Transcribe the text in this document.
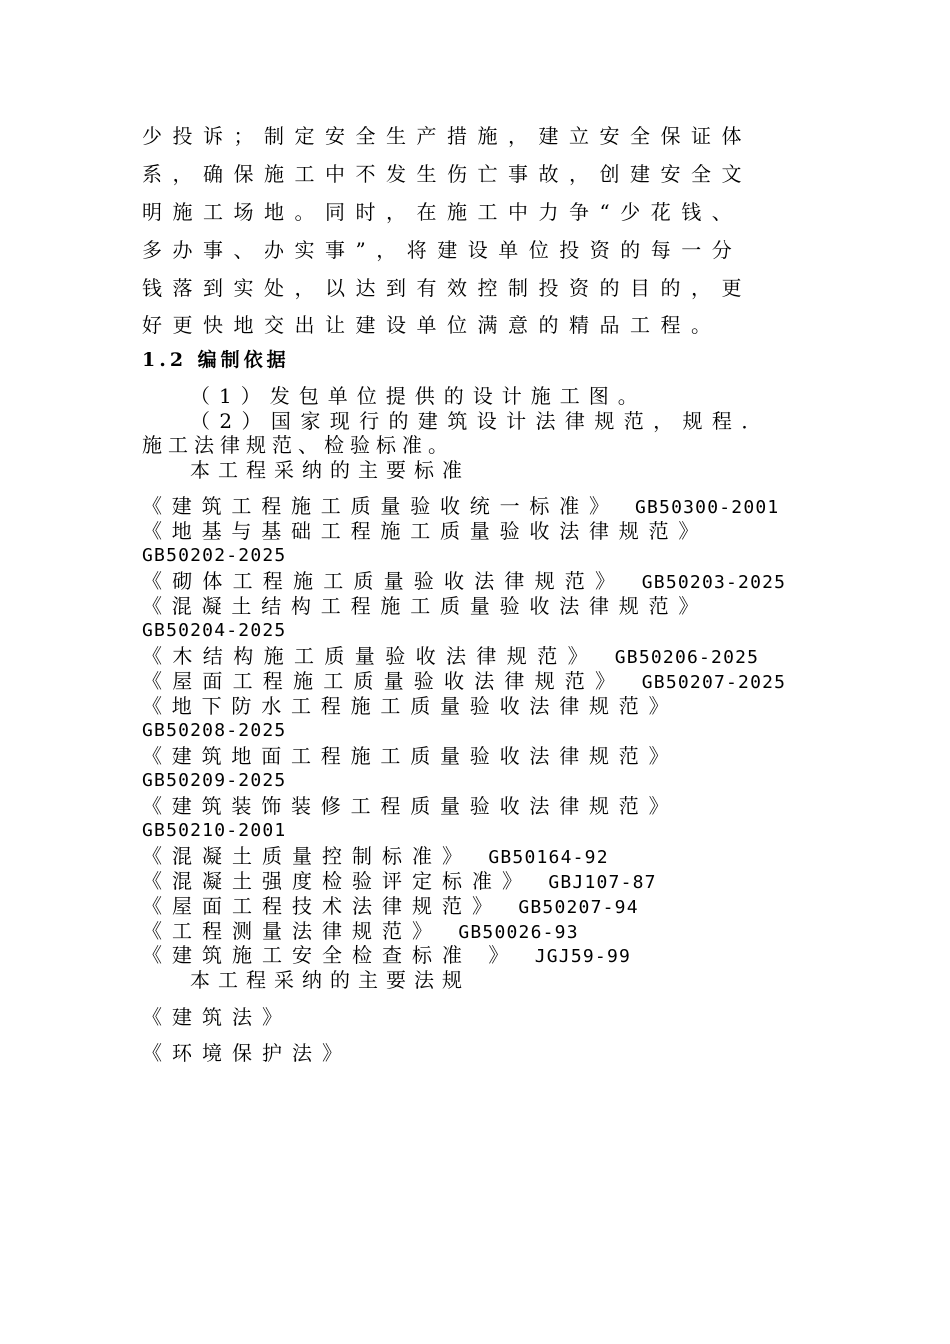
少投诉；制定安全生产措施，建立安全保证体
系，确保施工中不发生伤亡事故，创建安全文
明施工场地。同时，在施工中力争“少花钱、
多办事、办实事”，将建设单位投资的每一分
钱落到实处，以达到有效控制投资的目的，更
好更快地交出让建设单位满意的精品工程。
1.2 编制依据
（1）发包单位提供的设计施工图。
（2）国家现行的建筑设计法律规范，规程．
施工法律规范、检验标准。
本工程采纳的主要标准
《建筑工程施工质量验收统一标准》 GB50300-2001
《地基与基础工程施工质量验收法律规范》
GB50202-2025
《砌体工程施工质量验收法律规范》 GB50203-2025
《混凝土结构工程施工质量验收法律规范》
GB50204-2025
《木结构施工质量验收法律规范》 GB50206-2025
《屋面工程施工质量验收法律规范》 GB50207-2025
《地下防水工程施工质量验收法律规范》
GB50208-2025
《建筑地面工程施工质量验收法律规范》
GB50209-2025
《建筑装饰装修工程质量验收法律规范》
GB50210-2001
《混凝土质量控制标准》 GB50164-92
《混凝土强度检验评定标准》 GBJ107-87
《屋面工程技术法律规范》 GB50207-94
《工程测量法律规范》 GB50026-93
《建筑施工安全检查标准 》 JGJ59-99
本工程采纳的主要法规
《建筑法》
《环境保护法》
